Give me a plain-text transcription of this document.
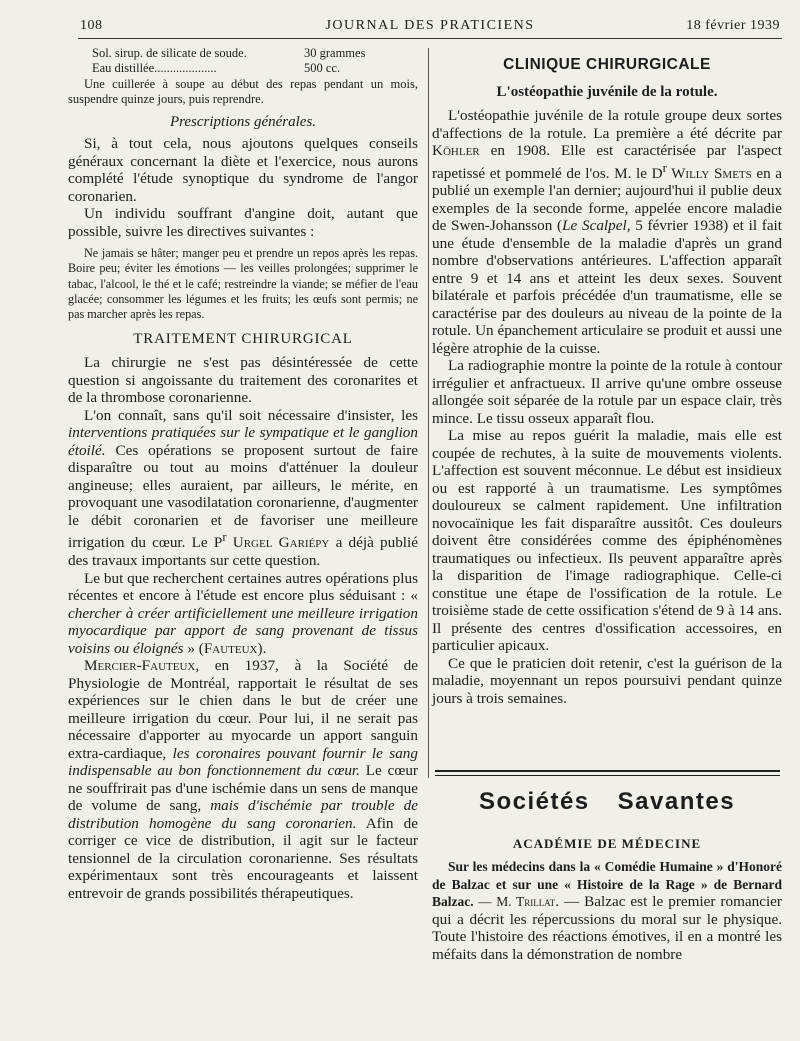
108	JOURNAL DES PRATICIENS	18 février 1939
Sol. sirup. de silicate de soude.	30 grammes
Eau distillée....................	500 cc.

Une cuillerée à soupe au début des repas pendant un mois, suspendre quinze jours, puis reprendre.

Prescriptions générales.

Si, à tout cela, nous ajoutons quelques conseils généraux concernant la diète et l'exercice, nous aurons complété l'étude synoptique du syndrome de l'angor coronarien.

Un individu souffrant d'angine doit, autant que possible, suivre les directives suivantes :

Ne jamais se hâter; manger peu et prendre un repos après les repas. Boire peu; éviter les émotions — les veilles prolongées; supprimer le tabac, l'alcool, le thé et le café; restreindre la viande; se méfier de l'eau glacée; consommer les légumes et les fruits; les œufs sont permis; ne pas marcher après les repas.

TRAITEMENT CHIRURGICAL

La chirurgie ne s'est pas désintéressée de cette question si angoissante du traitement des coronarites et de la thrombose coronarienne.

L'on connaît, sans qu'il soit nécessaire d'insister, les interventions pratiquées sur le sympatique et le ganglion étoilé. Ces opérations se proposent surtout de faire disparaître ou tout au moins d'atténuer la douleur angineuse; elles auraient, par ailleurs, le mérite, en provoquant une vasodilatation coronarienne, d'augmenter le débit coronarien et de favoriser une meilleure irrigation du cœur. Le $P^r$ Urgel Gariépy a déjà publié des travaux importants sur cette question.

Le but que recherchent certaines autres opérations plus récentes et encore à l'étude est encore plus séduisant : « chercher à créer artificiellement une meilleure irrigation myocardique par apport de sang provenant de tissus voisins ou éloignés » (Fauteux).

Mercier-Fauteux, en 1937, à la Société de Physiologie de Montréal, rapportait le résultat de ses expériences sur le chien dans le but de créer une meilleure irrigation du cœur. Pour lui, il ne serait pas nécessaire d'apporter au myocarde un apport sanguin extra-cardiaque, les coronaires pouvant fournir le sang indispensable au bon fonctionnement du cœur. Le cœur ne souffrirait pas d'une ischémie dans un sens de manque de volume de sang, mais d'ischémie par trouble de distribution homogène du sang coronarien. Afin de corriger ce vice de distribution, il agit sur le facteur tensionnel de la circulation coronarienne. Ses résultats expérimentaux sont très encourageants et laissent entrevoir de grands possibilités thérapeutiques.

CLINIQUE CHIRURGICALE
L'ostéopathie juvénile de la rotule.

L'ostéopathie juvénile de la rotule groupe deux sortes d'affections de la rotule. La première a été décrite par Köhler en 1908. Elle est caractérisée par l'aspect rapetissé et pommelé de l'os. M. le $D^r$ Willy Smets en a publié un exemple l'an dernier; aujourd'hui il publie deux exemples de la seconde forme, appelée encore maladie de Swen-Johansson (Le Scalpel, 5 février 1938) et il fait une étude d'ensemble de la maladie d'après un grand nombre d'observations antérieures. L'affection apparaît entre 9 et 14 ans et atteint les deux sexes. Souvent bilatérale et parfois précédée d'un traumatisme, elle se caractérise par des douleurs au niveau de la pointe de la rotule. Un épanchement articulaire se produit et aussi une légère atrophie de la cuisse.

La radiographie montre la pointe de la rotule à contour irrégulier et anfractueux. Il arrive qu'une ombre osseuse allongée soit séparée de la rotule par un espace clair, très mince. Le tissu osseux apparaît flou.

La mise au repos guérit la maladie, mais elle est coupée de rechutes, à la suite de mouvements violents. L'affection est souvent méconnue. Le début est insidieux ou est rapporté à un traumatisme. Les symptômes douloureux se calment rapidement. Une infiltration novocaïnique les fait disparaître aussitôt. Ces douleurs doivent être considérées comme des épiphénomènes traumatiques ou infectieux. Ils peuvent apparaître après la disparition de l'image radiographique. Celle-ci constitue une étape de l'ossification de la rotule. Le troisième stade de cette ossification s'étend de 9 à 14 ans. Il présente des centres d'ossification accessoires, en particulier apicaux.

Ce que le praticien doit retenir, c'est la guérison de la maladie, moyennant un repos poursuivi pendant quinze jours à trois semaines.

Sociétés Savantes
ACADÉMIE DE MÉDECINE

Sur les médecins dans la « Comédie Humaine » d'Honoré de Balzac et sur une « Histoire de la Rage » de Bernard Balzac. — M. Trillat. — Balzac est le premier romancier qui a décrit les répercussions du moral sur le physique. Toute l'histoire des réactions émotives, il en a montré les méfaits dans la démonstration de nombre
